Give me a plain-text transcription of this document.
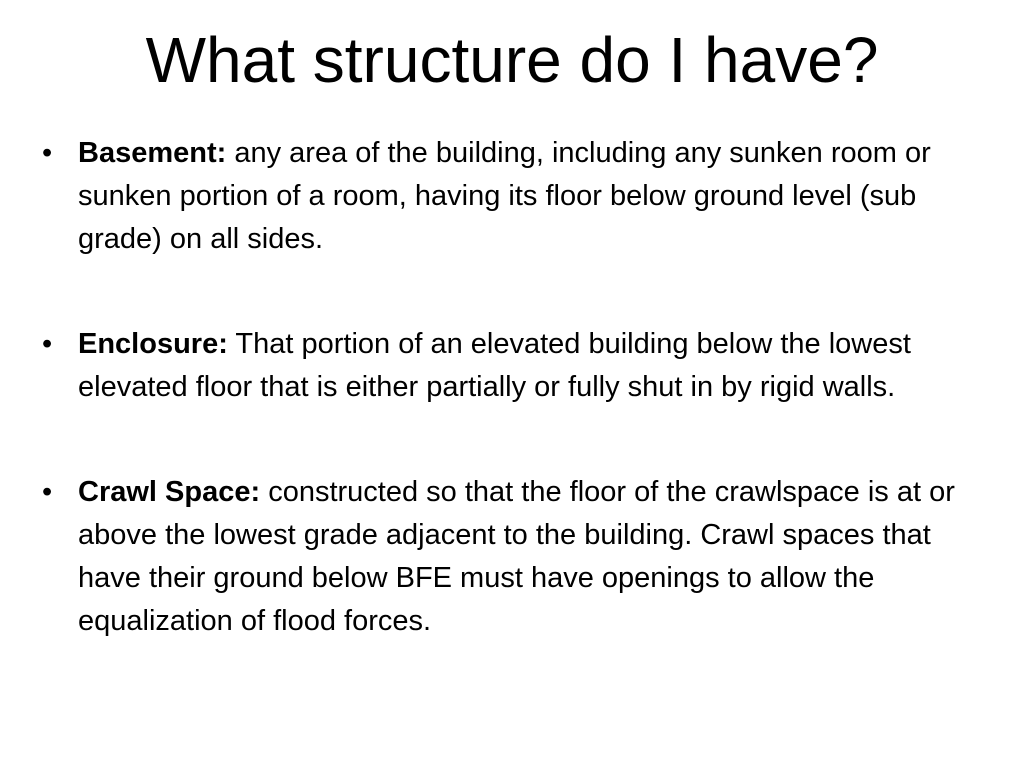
What structure do I have?
• Basement: any area of the building, including any sunken room or sunken portion of a room, having its floor below ground level (sub grade) on all sides.
• Enclosure: That portion of an elevated building below the lowest elevated floor that is either partially or fully shut in by rigid walls.
• Crawl Space: constructed so that the floor of the crawlspace is at or above the lowest grade adjacent to the building. Crawl spaces that have their ground below BFE must have openings to allow the equalization of flood forces.
